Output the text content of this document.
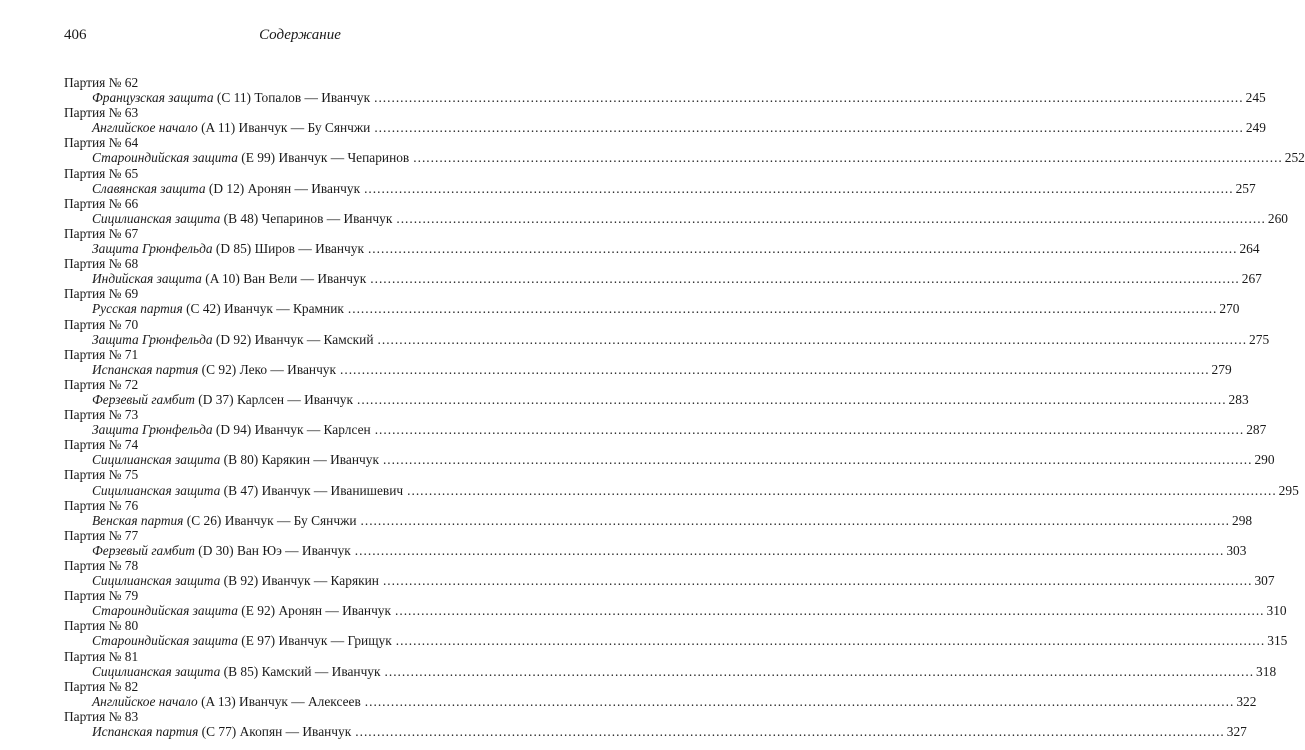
406	Содержание
Партия № 62
Французская защита (C 11) Топалов — Иванчук ........................................................................................................................................................................................................ 245
Партия № 63
Английское начало (A 11) Иванчук — Бу Сянчжи ........................................................................................................................................................................................................ 249
Партия № 64
Староиндийская защита (E 99) Иванчук — Чепаринов ........................................................................................................................................................................................................ 252
Партия № 65
Славянская защита (D 12) Аронян — Иванчук ........................................................................................................................................................................................................ 257
Партия № 66
Сицилианская защита (B 48) Чепаринов — Иванчук ........................................................................................................................................................................................................ 260
Партия № 67
Защита Грюнфельда (D 85) Широв — Иванчук ........................................................................................................................................................................................................ 264
Партия № 68
Индийская защита (A 10) Ван Вели — Иванчук ........................................................................................................................................................................................................ 267
Партия № 69
Русская партия (C 42) Иванчук — Крамник ........................................................................................................................................................................................................ 270
Партия № 70
Защита Грюнфельда (D 92) Иванчук — Камский ........................................................................................................................................................................................................ 275
Партия № 71
Испанская партия (C 92) Леко — Иванчук ........................................................................................................................................................................................................ 279
Партия № 72
Ферзевый гамбит (D 37) Карлсен — Иванчук ........................................................................................................................................................................................................ 283
Партия № 73
Защита Грюнфельда (D 94) Иванчук — Карлсен ........................................................................................................................................................................................................ 287
Партия № 74
Сицилианская защита (B 80) Карякин — Иванчук ........................................................................................................................................................................................................ 290
Партия № 75
Сицилианская защита (B 47) Иванчук — Иванишевич ........................................................................................................................................................................................................ 295
Партия № 76
Венская партия (C 26) Иванчук — Бу Сянчжи ........................................................................................................................................................................................................ 298
Партия № 77
Ферзевый гамбит (D 30) Ван Юэ — Иванчук ........................................................................................................................................................................................................ 303
Партия № 78
Сицилианская защита (B 92) Иванчук — Карякин ........................................................................................................................................................................................................ 307
Партия № 79
Староиндийская защита (E 92) Аронян — Иванчук ........................................................................................................................................................................................................ 310
Партия № 80
Староиндийская защита (E 97) Иванчук — Грищук ........................................................................................................................................................................................................ 315
Партия № 81
Сицилианская защита (B 85) Камский — Иванчук ........................................................................................................................................................................................................ 318
Партия № 82
Английское начало (A 13) Иванчук — Алексеев ........................................................................................................................................................................................................ 322
Партия № 83
Испанская партия (C 77) Акопян — Иванчук ........................................................................................................................................................................................................ 327
